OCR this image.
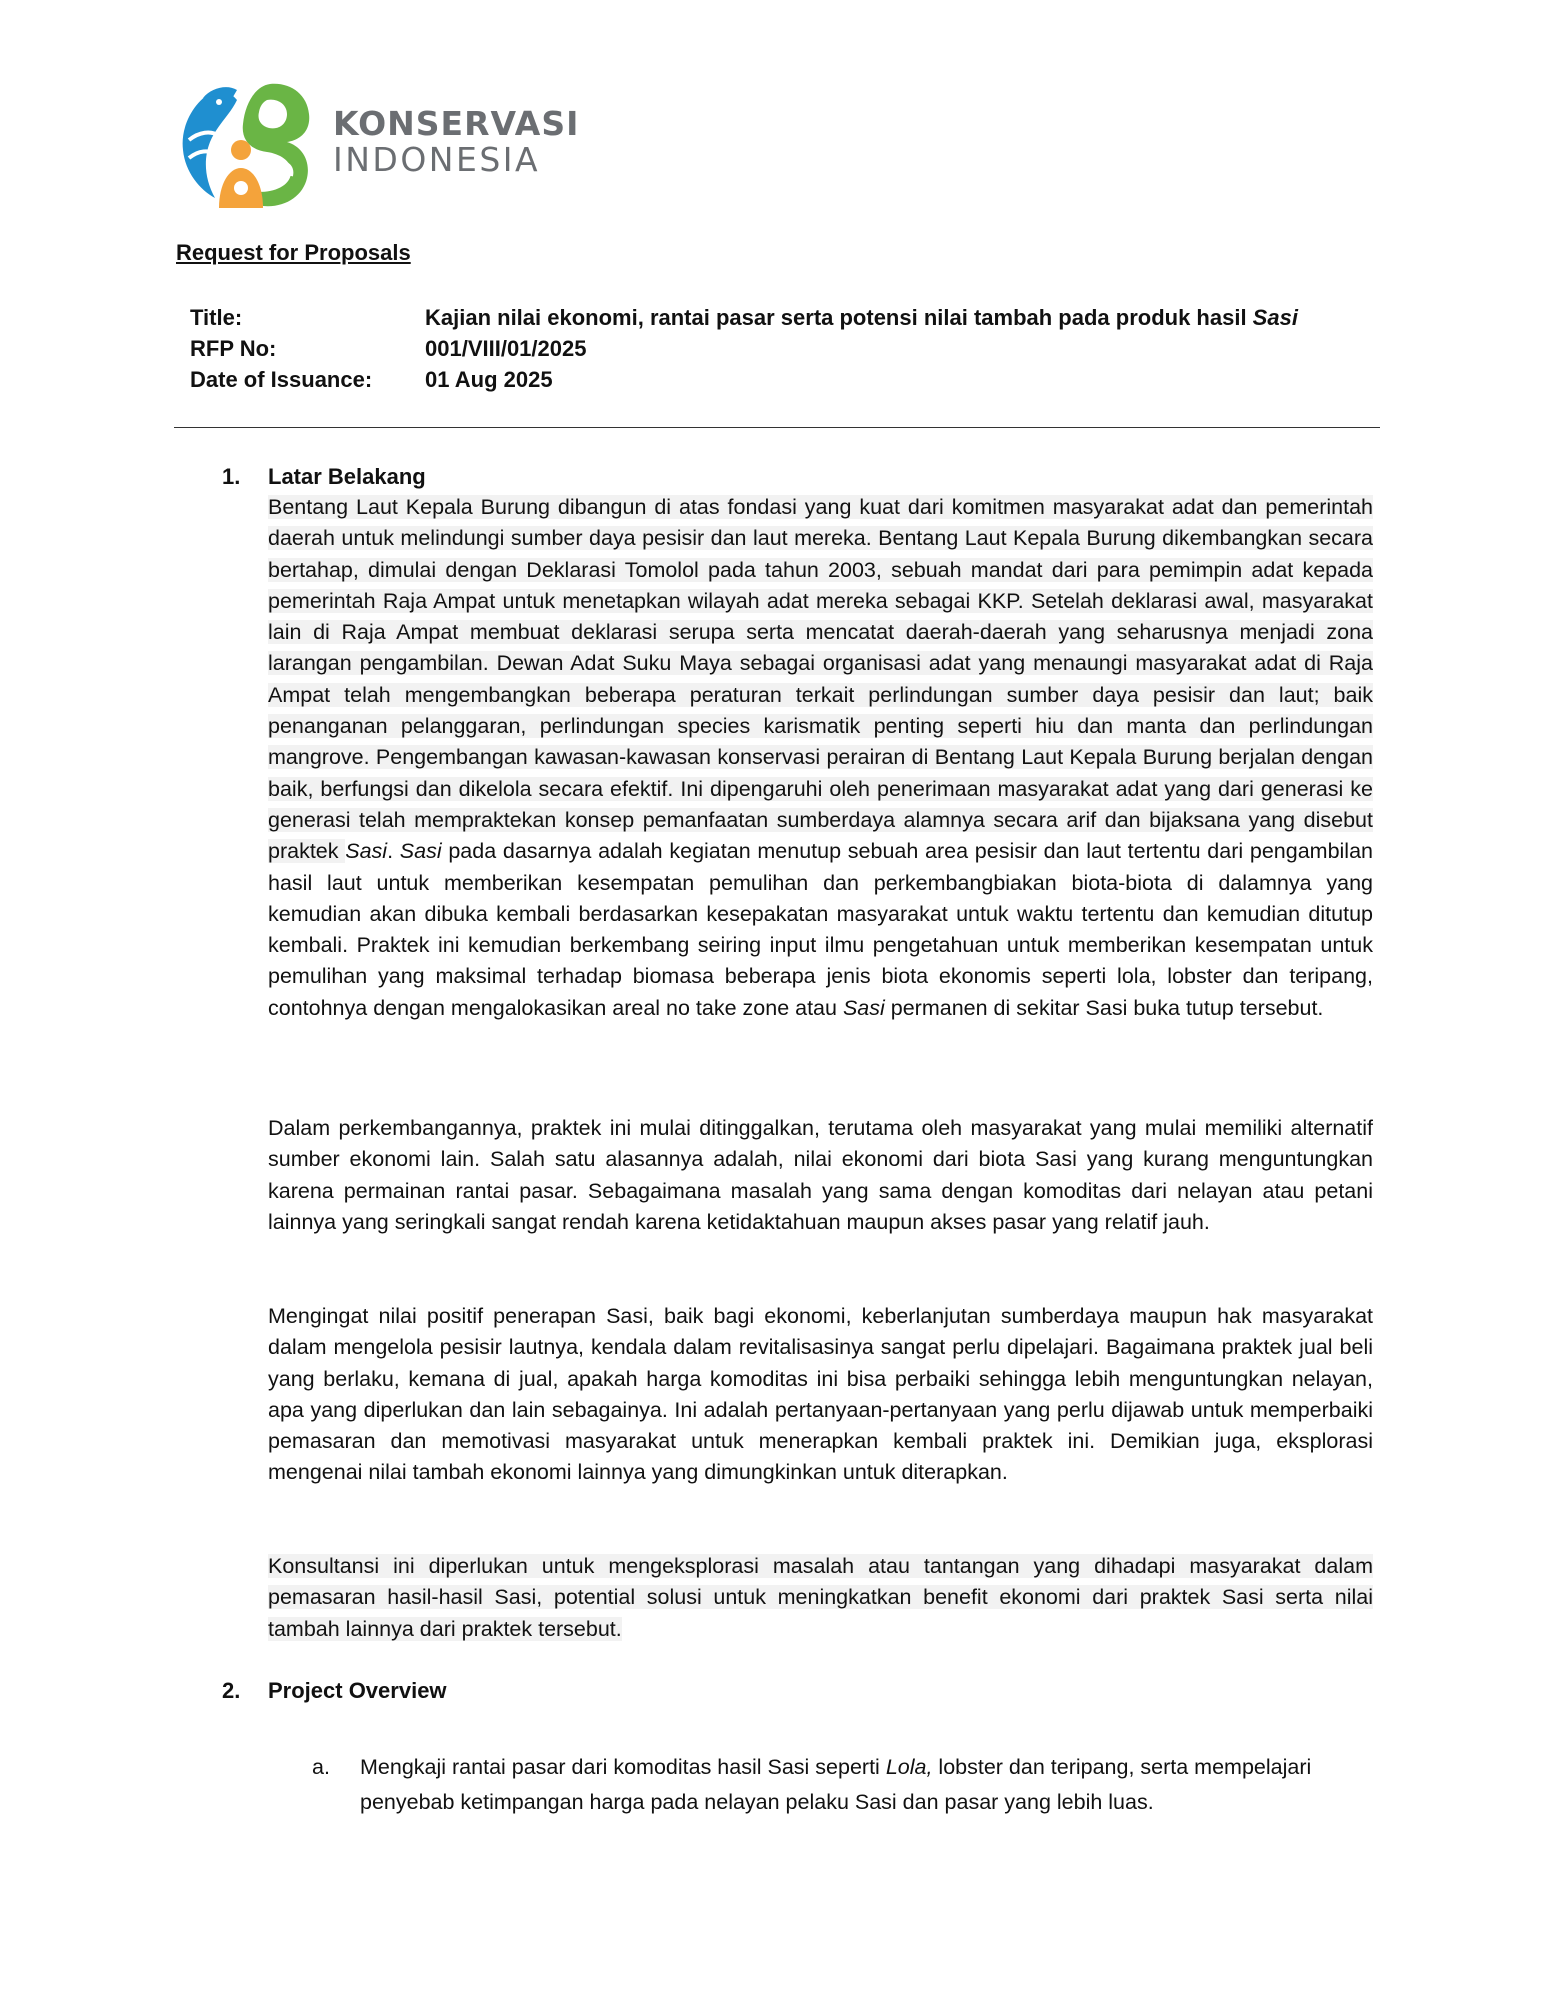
KONSERVASI
INDONESIA
Request for Proposals
Title:	Kajian nilai ekonomi, rantai pasar serta potensi nilai tambah pada produk hasil Sasi
RFP No:	001/VIII/01/2025
Date of Issuance:	01 Aug 2025
1. Latar Belakang

Bentang Laut Kepala Burung dibangun di atas fondasi yang kuat dari komitmen masyarakat adat dan pemerintah daerah untuk melindungi sumber daya pesisir dan laut mereka. Bentang Laut Kepala Burung dikembangkan secara bertahap, dimulai dengan Deklarasi Tomolol pada tahun 2003, sebuah mandat dari para pemimpin adat kepada pemerintah Raja Ampat untuk menetapkan wilayah adat mereka sebagai KKP. Setelah deklarasi awal, masyarakat lain di Raja Ampat membuat deklarasi serupa serta mencatat daerah-daerah yang seharusnya menjadi zona larangan pengambilan. Dewan Adat Suku Maya sebagai organisasi adat yang menaungi masyarakat adat di Raja Ampat telah mengembangkan beberapa peraturan terkait perlindungan sumber daya pesisir dan laut; baik penanganan pelanggaran, perlindungan species karismatik penting seperti hiu dan manta dan perlindungan mangrove. Pengembangan kawasan-kawasan konservasi perairan di Bentang Laut Kepala Burung berjalan dengan baik, berfungsi dan dikelola secara efektif. Ini dipengaruhi oleh penerimaan masyarakat adat yang dari generasi ke generasi telah mempraktekan konsep pemanfaatan sumberdaya alamnya secara arif dan bijaksana yang disebut praktek Sasi. Sasi pada dasarnya adalah kegiatan menutup sebuah area pesisir dan laut tertentu dari pengambilan hasil laut untuk memberikan kesempatan pemulihan dan perkembangbiakan biota-biota di dalamnya yang kemudian akan dibuka kembali berdasarkan kesepakatan masyarakat untuk waktu tertentu dan kemudian ditutup kembali. Praktek ini kemudian berkembang seiring input ilmu pengetahuan untuk memberikan kesempatan untuk pemulihan yang maksimal terhadap biomasa beberapa jenis biota ekonomis seperti lola, lobster dan teripang, contohnya dengan mengalokasikan areal no take zone atau Sasi permanen di sekitar Sasi buka tutup tersebut.

Dalam perkembangannya, praktek ini mulai ditinggalkan, terutama oleh masyarakat yang mulai memiliki alternatif sumber ekonomi lain. Salah satu alasannya adalah, nilai ekonomi dari biota Sasi yang kurang menguntungkan karena permainan rantai pasar. Sebagaimana masalah yang sama dengan komoditas dari nelayan atau petani lainnya yang seringkali sangat rendah karena ketidaktahuan maupun akses pasar yang relatif jauh.

Mengingat nilai positif penerapan Sasi, baik bagi ekonomi, keberlanjutan sumberdaya maupun hak masyarakat dalam mengelola pesisir lautnya, kendala dalam revitalisasinya sangat perlu dipelajari. Bagaimana praktek jual beli yang berlaku, kemana di jual, apakah harga komoditas ini bisa perbaiki sehingga lebih menguntungkan nelayan, apa yang diperlukan dan lain sebagainya. Ini adalah pertanyaan-pertanyaan yang perlu dijawab untuk memperbaiki pemasaran dan memotivasi masyarakat untuk menerapkan kembali praktek ini. Demikian juga, eksplorasi mengenai nilai tambah ekonomi lainnya yang dimungkinkan untuk diterapkan.

Konsultansi ini diperlukan untuk mengeksplorasi masalah atau tantangan yang dihadapi masyarakat dalam pemasaran hasil-hasil Sasi, potential solusi untuk meningkatkan benefit ekonomi dari praktek Sasi serta nilai tambah lainnya dari praktek tersebut.

2. Project Overview
a. Mengkaji rantai pasar dari komoditas hasil Sasi seperti Lola, lobster dan teripang, serta mempelajari penyebab ketimpangan harga pada nelayan pelaku Sasi dan pasar yang lebih luas.
